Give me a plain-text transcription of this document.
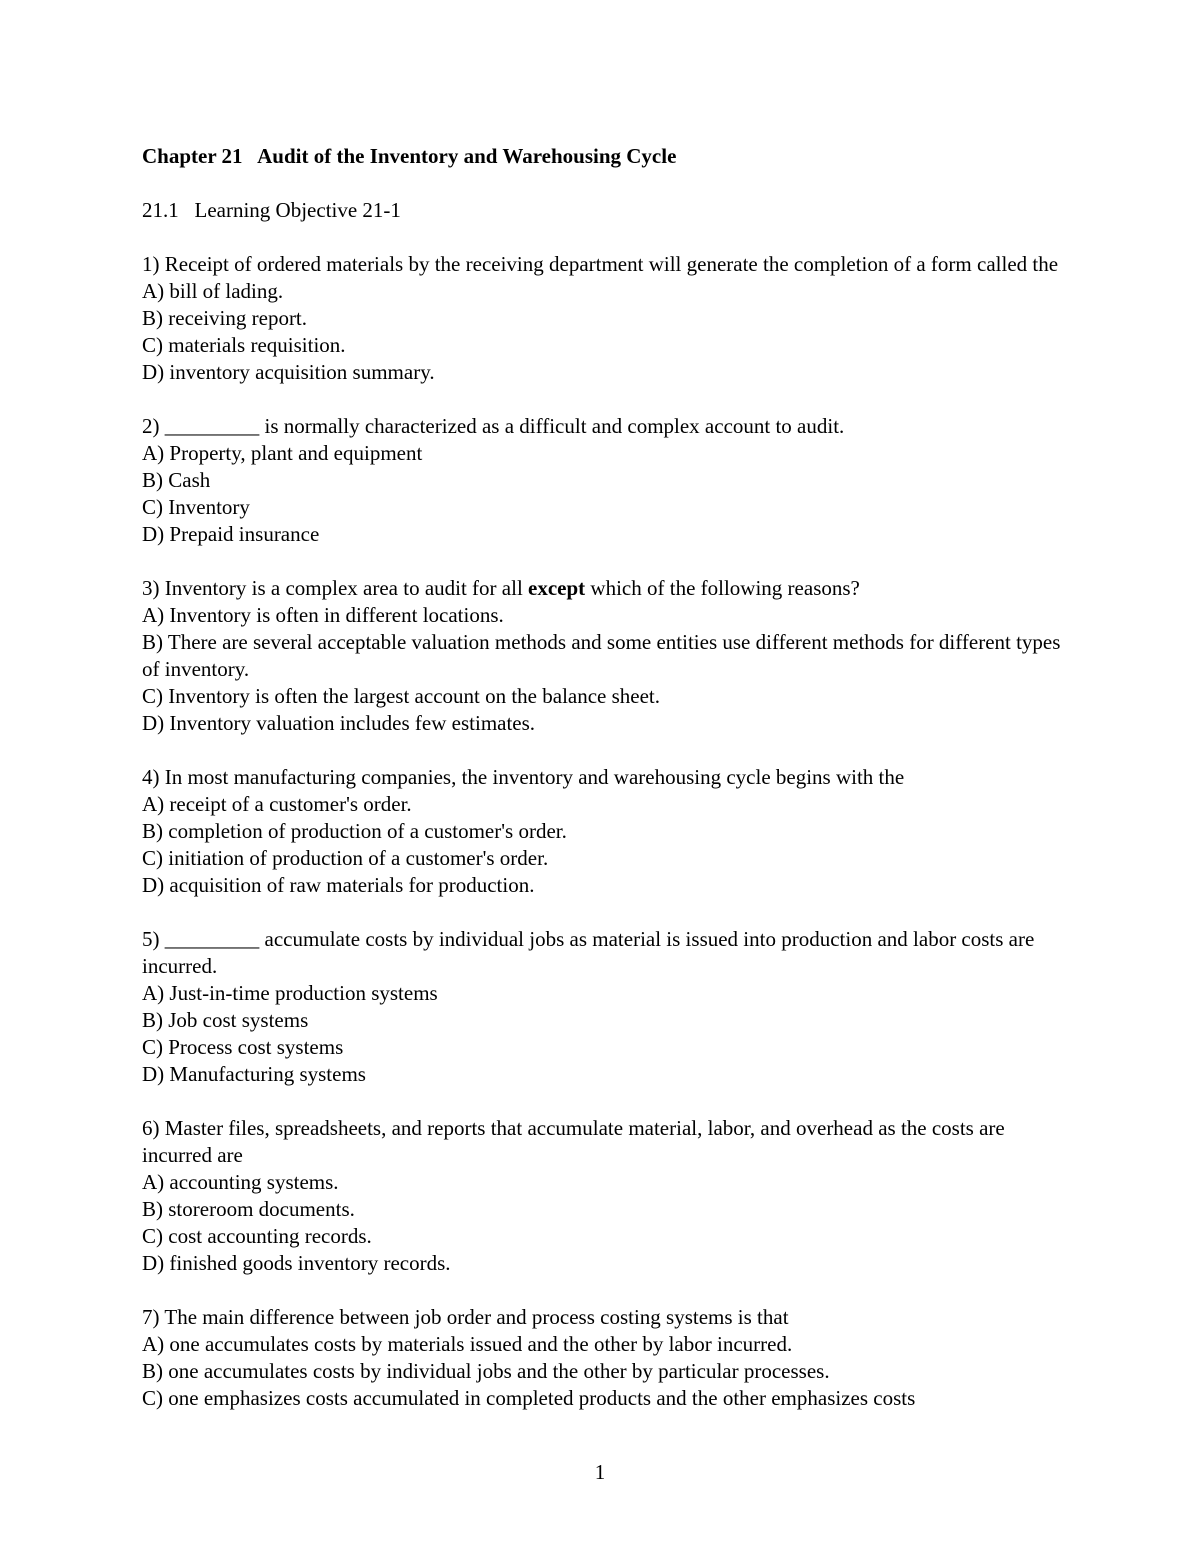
Chapter 21   Audit of the Inventory and Warehousing Cycle

21.1   Learning Objective 21-1

1) Receipt of ordered materials by the receiving department will generate the completion of a form called the

A) bill of lading.

B) receiving report.

C) materials requisition.

D) inventory acquisition summary.

2) _________ is normally characterized as a difficult and complex account to audit.

A) Property, plant and equipment

B) Cash

C) Inventory

D) Prepaid insurance

3) Inventory is a complex area to audit for all except which of the following reasons?

A) Inventory is often in different locations.

B) There are several acceptable valuation methods and some entities use different methods for different types of inventory.

C) Inventory is often the largest account on the balance sheet.

D) Inventory valuation includes few estimates.

4) In most manufacturing companies, the inventory and warehousing cycle begins with the

A) receipt of a customer's order.

B) completion of production of a customer's order.

C) initiation of production of a customer's order.

D) acquisition of raw materials for production.

5) _________ accumulate costs by individual jobs as material is issued into production and labor costs are incurred.

A) Just-in-time production systems

B) Job cost systems

C) Process cost systems

D) Manufacturing systems

6) Master files, spreadsheets, and reports that accumulate material, labor, and overhead as the costs are incurred are

A) accounting systems.

B) storeroom documents.

C) cost accounting records.

D) finished goods inventory records.

7) The main difference between job order and process costing systems is that

A) one accumulates costs by materials issued and the other by labor incurred.

B) one accumulates costs by individual jobs and the other by particular processes.

C) one emphasizes costs accumulated in completed products and the other emphasizes costs

1
